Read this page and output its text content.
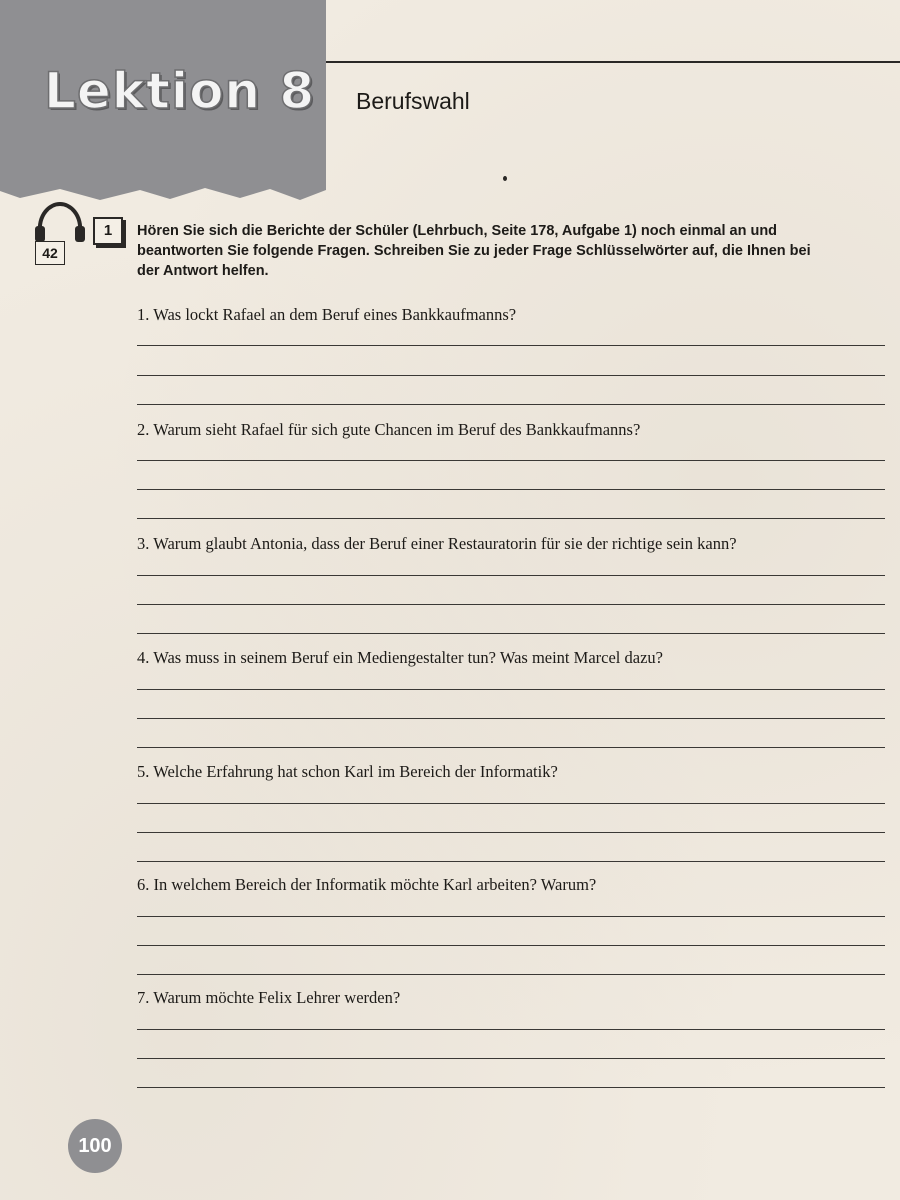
Lektion 8 Berufswahl
42
1	Hören Sie sich die Berichte der Schüler (Lehrbuch, Seite 178, Aufgabe 1) noch einmal an und
beantworten Sie folgende Fragen. Schreiben Sie zu jeder Frage Schlüsselwörter auf, die Ihnen bei
der Antwort helfen.
1. Was lockt Rafael an dem Beruf eines Bankkaufmanns?
2. Warum sieht Rafael für sich gute Chancen im Beruf des Bankkaufmanns?
3. Warum glaubt Antonia, dass der Beruf einer Restauratorin für sie der richtige sein kann?
4. Was muss in seinem Beruf ein Mediengestalter tun? Was meint Marcel dazu?
5. Welche Erfahrung hat schon Karl im Bereich der Informatik?
6. In welchem Bereich der Informatik möchte Karl arbeiten? Warum?
7. Warum möchte Felix Lehrer werden?
100
